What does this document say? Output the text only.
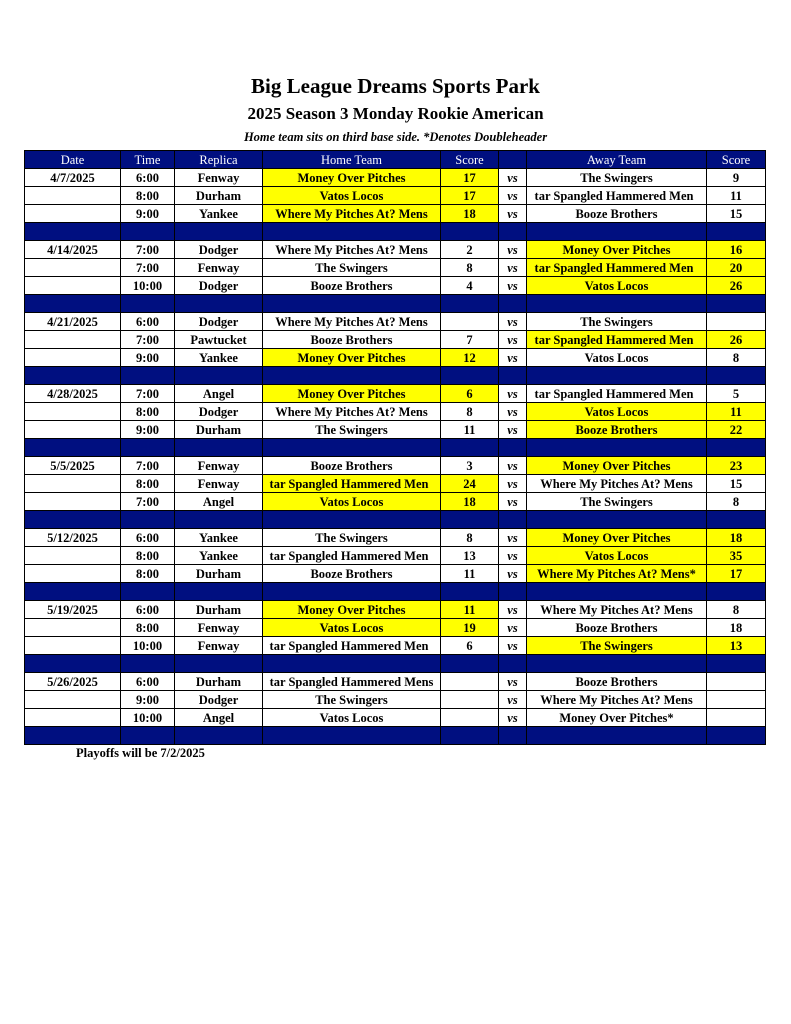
Big League Dreams Sports Park
2025 Season 3 Monday Rookie American
Home team sits on third base side. *Denotes Doubleheader
Date	Time	Replica	Home Team	Score		Away Team	Score
4/7/2025	6:00	Fenway	Money Over Pitches	17	vs	The Swingers	9
	8:00	Durham	Vatos Locos	17	vs	tar Spangled Hammered Men	11
	9:00	Yankee	Where My Pitches At? Mens	18	vs	Booze Brothers	15

4/14/2025	7:00	Dodger	Where My Pitches At? Mens	2	vs	Money Over Pitches	16
	7:00	Fenway	The Swingers	8	vs	tar Spangled Hammered Men	20
	10:00	Dodger	Booze Brothers	4	vs	Vatos Locos	26

4/21/2025	6:00	Dodger	Where My Pitches At? Mens		vs	The Swingers	
	7:00	Pawtucket	Booze Brothers	7	vs	tar Spangled Hammered Men	26
	9:00	Yankee	Money Over Pitches	12	vs	Vatos Locos	8

4/28/2025	7:00	Angel	Money Over Pitches	6	vs	tar Spangled Hammered Men	5
	8:00	Dodger	Where My Pitches At? Mens	8	vs	Vatos Locos	11
	9:00	Durham	The Swingers	11	vs	Booze Brothers	22

5/5/2025	7:00	Fenway	Booze Brothers	3	vs	Money Over Pitches	23
	8:00	Fenway	tar Spangled Hammered Men	24	vs	Where My Pitches At? Mens	15
	7:00	Angel	Vatos Locos	18	vs	The Swingers	8

5/12/2025	6:00	Yankee	The Swingers	8	vs	Money Over Pitches	18
	8:00	Yankee	tar Spangled Hammered Men	13	vs	Vatos Locos	35
	8:00	Durham	Booze Brothers	11	vs	Where My Pitches At? Mens*	17

5/19/2025	6:00	Durham	Money Over Pitches	11	vs	Where My Pitches At? Mens	8
	8:00	Fenway	Vatos Locos	19	vs	Booze Brothers	18
	10:00	Fenway	tar Spangled Hammered Men	6	vs	The Swingers	13

5/26/2025	6:00	Durham	tar Spangled Hammered Mens		vs	Booze Brothers	
	9:00	Dodger	The Swingers		vs	Where My Pitches At? Mens	
	10:00	Angel	Vatos Locos		vs	Money Over Pitches*	

Playoffs will be 7/2/2025
